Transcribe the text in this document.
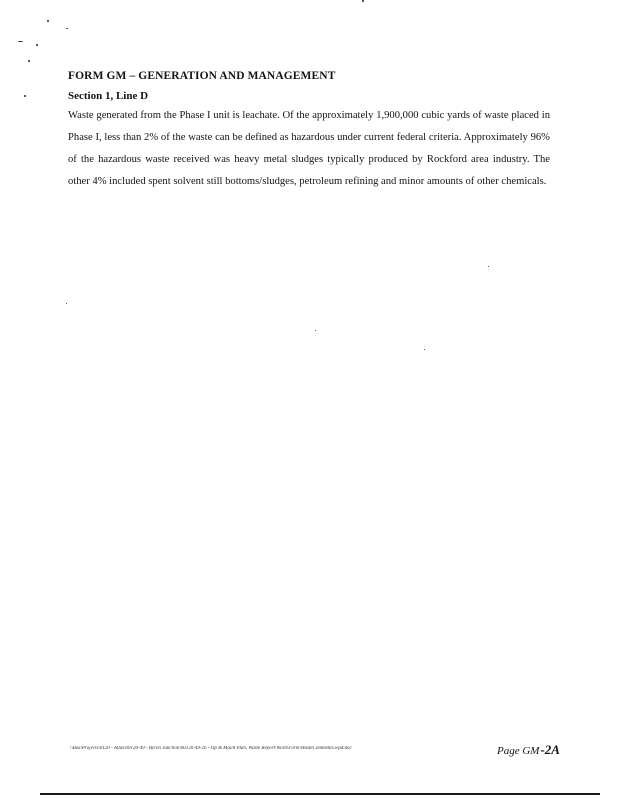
FORM GM – GENERATION AND MANAGEMENT

Section 1, Line D

Waste generated from the Phase I unit is leachate. Of the approximately 1,900,000 cubic yards of waste placed in Phase I, less than 2% of the waste can be defined as hazardous under current federal criteria. Approximately 96% of the hazardous waste received was heavy metal sludges typically produced by Rockford area industry. The other 4% included spent solvent still bottoms/sludges, petroleum refining and minor amounts of other chemicals.

\\Bea\Projects\0120 - Atlas\00120-49 - Byron Junction\00120-49-26 - Op & Maint Plan, Waste Report\Word\Form\WasteComments.wpd.doc	Page GM-2A
